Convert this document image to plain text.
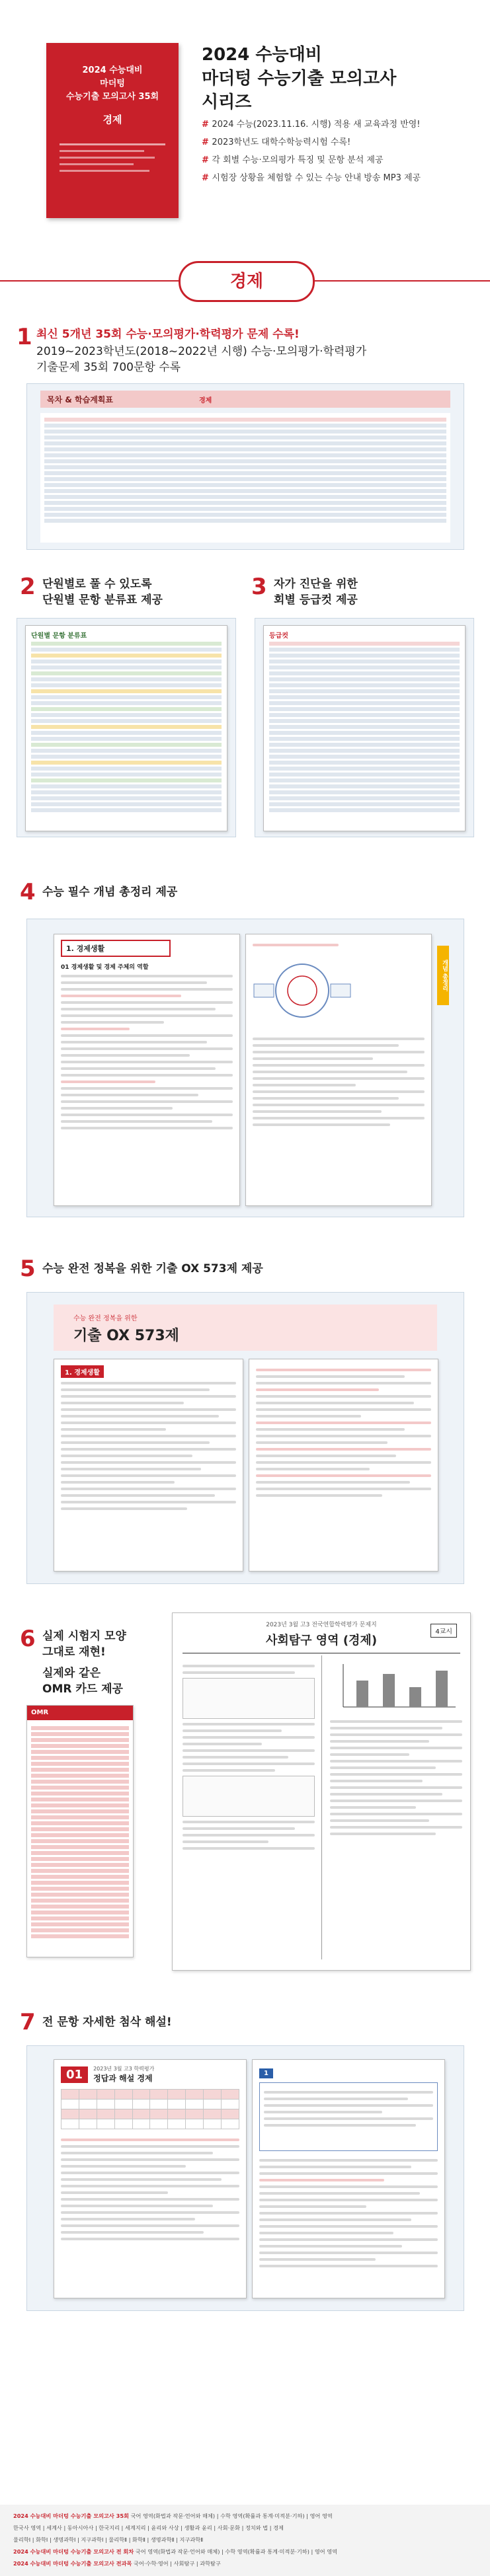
2024 수능대비
마더텅
수능기출 모의고사 35회
경제
2024 수능대비
마더텅 수능기출 모의고사
시리즈
# 2024 수능(2023.11.16. 시행) 적용 새 교육과정 반영!
# 2023학년도 대학수학능력시험 수록!
# 각 회별 수능·모의평가 특징 및 문항 분석 제공
# 시험장 상황을 체험할 수 있는 수능 안내 방송 MP3 제공
경제
1 최신 5개년 35회 수능·모의평가·학력평가 문제 수록!
2019~2023학년도(2018~2022년 시행) 수능·모의평가·학력평가
기출문제 35회 700문항 수록
목차 & 학습계획표	경제
2 단원별로 풀 수 있도록
단원별 문항 분류표 제공	3 자가 진단을 위한
회별 등급컷 제공
단원별 문항 분류표	등급컷
4 수능 필수 개념 총정리 제공
1. 경제생활
01 경제생활 및 경제 주체의 역할	개념 총정리
5 수능 완전 정복을 위한 기출 OX 573제 제공
수능 완전 정복을 위한
기출 OX 573제
1. 경제생활
6 실제 시험지 모양
그대로 재현!
실제와 같은
OMR 카드 제공
OMR
2023년 3월 고3 전국연합학력평가 문제지
사회탐구 영역 (경제)
4교시
7 전 문항 자세한 첨삭 해설!
01	2023년 3월 고3 학력평가
정답과 해설 경제

1
2024 수능대비 마더텅 수능기출 모의고사 35회 국어 영역(화법과 작문·언어와 매체) | 수학 영역(확률과 통계·미적분·기하) | 영어 영역
한국사 영역 | 세계사 | 동아시아사 | 한국지리 | 세계지리 | 윤리와 사상 | 생활과 윤리 | 사회·문화 | 정치와 법 | 경제
물리학Ⅰ | 화학Ⅰ | 생명과학Ⅰ | 지구과학Ⅰ | 물리학Ⅱ | 화학Ⅱ | 생명과학Ⅱ | 지구과학Ⅱ
2024 수능대비 마더텅 수능기출 모의고사 전 회차 국어 영역(화법과 작문·언어와 매체) | 수학 영역(확률과 통계·미적분·기하) | 영어 영역
2024 수능대비 마더텅 수능기출 모의고사 전과목 국어·수학·영어 | 사회탐구 | 과학탐구
